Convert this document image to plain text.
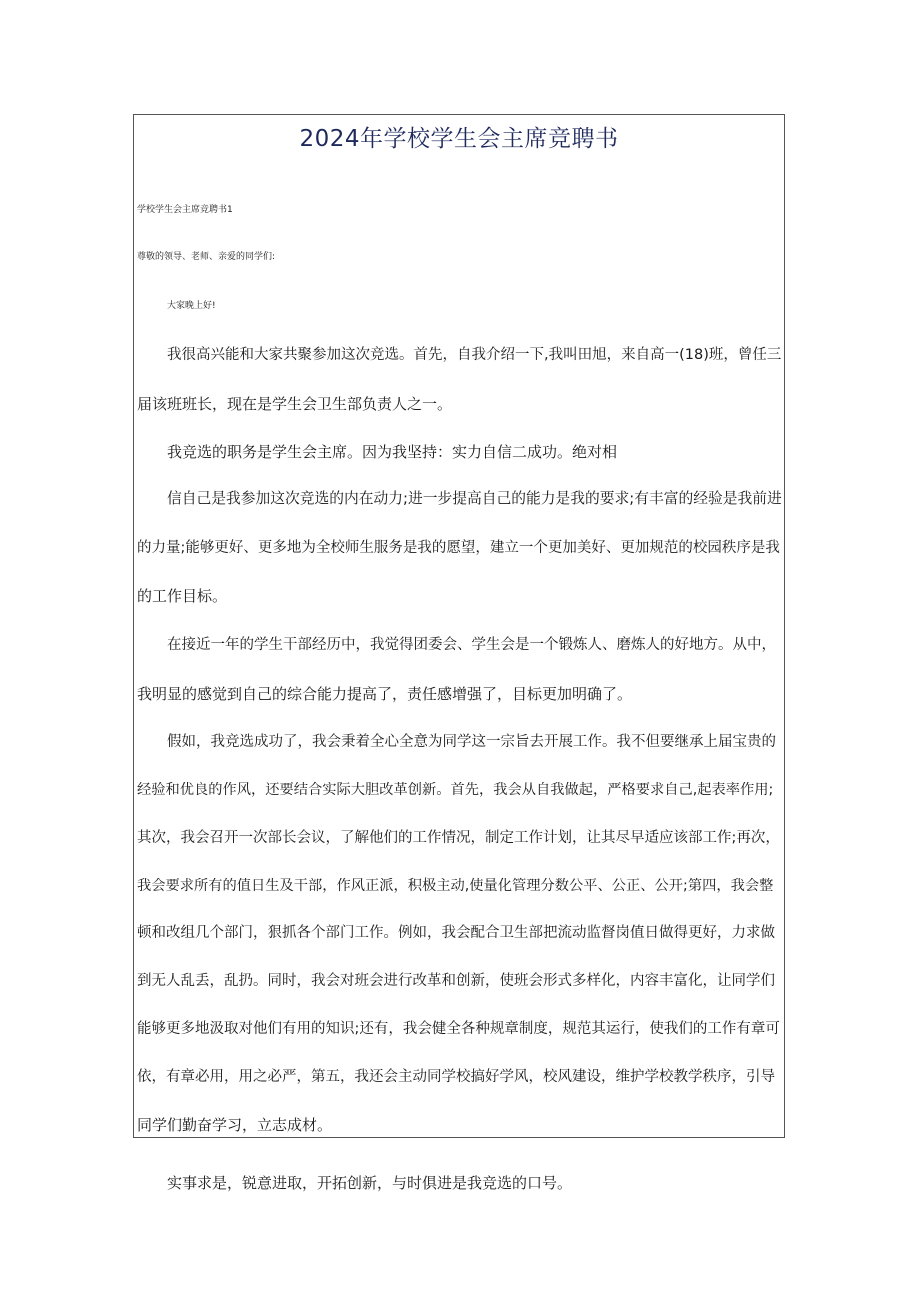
2024年学校学生会主席竞聘书

学校学生会主席竞聘书1

尊敬的领导、老师、亲爱的同学们:

大家晚上好!

我很高兴能和大家共聚参加这次竞选。首先，自我介绍一下,我叫田旭，来自高一(18)班，曾任三

届该班班长，现在是学生会卫生部负责人之一。

我竞选的职务是学生会主席。因为我坚持：实力自信二成功。绝对相

信自己是我参加这次竞选的内在动力;进一步提高自己的能力是我的要求;有丰富的经验是我前进

的力量;能够更好、更多地为全校师生服务是我的愿望，建立一个更加美好、更加规范的校园秩序是我

的工作目标。

在接近一年的学生干部经历中，我觉得团委会、学生会是一个锻炼人、磨炼人的好地方。从中，

我明显的感觉到自己的综合能力提高了，责任感增强了，目标更加明确了。

假如，我竞选成功了，我会秉着全心全意为同学这一宗旨去开展工作。我不但要继承上届宝贵的

经验和优良的作风，还要结合实际大胆改革创新。首先，我会从自我做起，严格要求自己,起表率作用;

其次，我会召开一次部长会议，了解他们的工作情况，制定工作计划，让其尽早适应该部工作;再次，

我会要求所有的值日生及干部，作风正派，积极主动,使量化管理分数公平、公正、公开;第四，我会整

顿和改组几个部门，狠抓各个部门工作。例如，我会配合卫生部把流动监督岗值日做得更好，力求做

到无人乱丢，乱扔。同时，我会对班会进行改革和创新，使班会形式多样化，内容丰富化，让同学们

能够更多地汲取对他们有用的知识;还有，我会健全各种规章制度，规范其运行，使我们的工作有章可

依，有章必用，用之必严，第五，我还会主动同学校搞好学风，校风建设，维护学校教学秩序，引导

同学们勤奋学习，立志成材。

实事求是，锐意进取，开拓创新，与时俱进是我竞选的口号。
